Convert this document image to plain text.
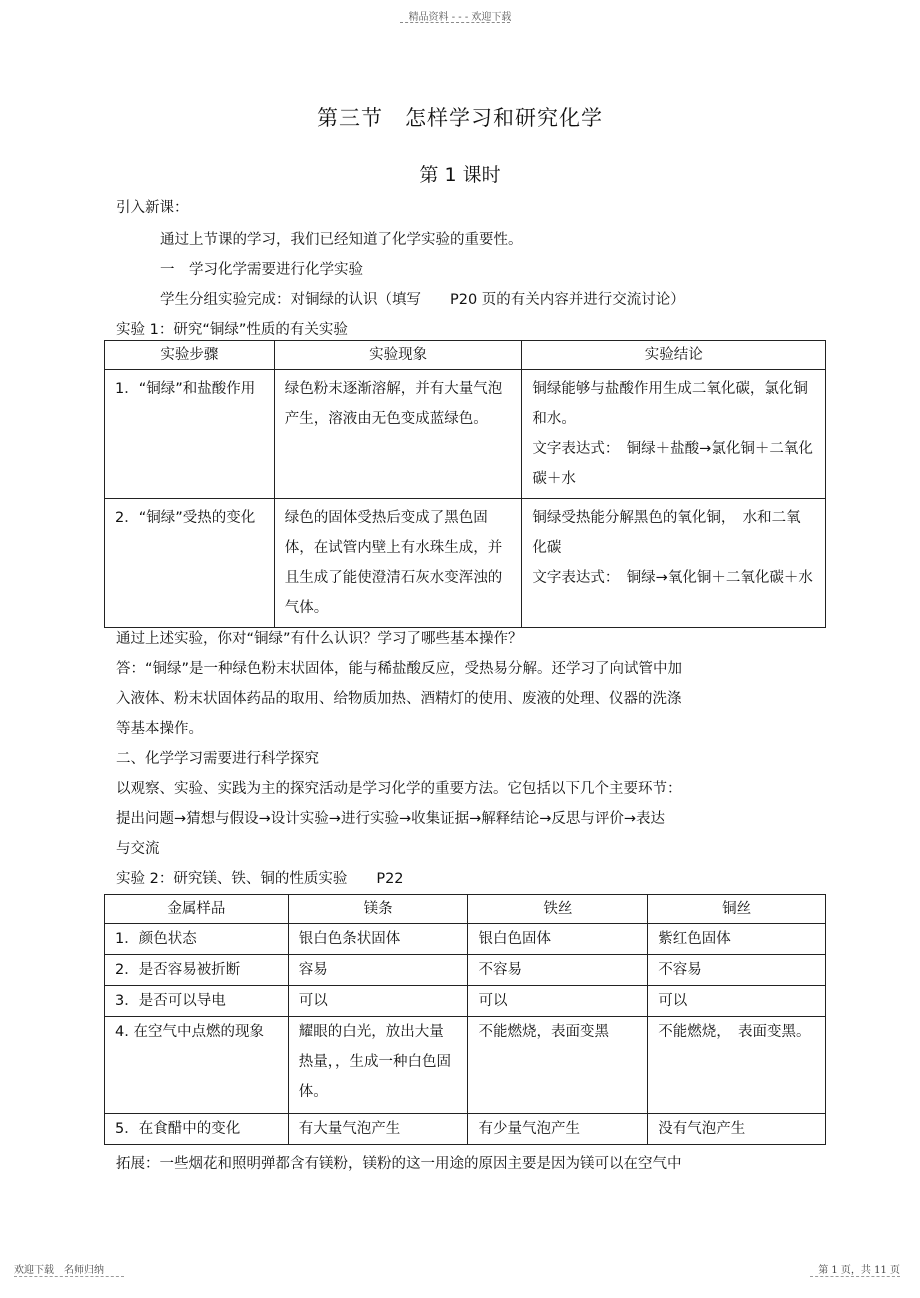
精品资料 - - - 欢迎下载
第三节　怎样学习和研究化学
第 1 课时
引入新课：
通过上节课的学习，我们已经知道了化学实验的重要性。
一　学习化学需要进行化学实验
学生分组实验完成：对铜绿的认识（填写　　P20 页的有关内容并进行交流讨论）
实验 1：研究“铜绿”性质的有关实验
实验步骤	实验现象	实验结论
1．“铜绿”和盐酸作用	绿色粉末逐渐溶解，并有大量气泡产生，溶液由无色变成蓝绿色。	铜绿能够与盐酸作用生成二氧化碳，氯化铜和水。
文字表达式：　铜绿＋盐酸→氯化铜＋二氧化碳＋水

2．“铜绿”受热的变化	绿色的固体受热后变成了黑色固体，在试管内壁上有水珠生成，并且生成了能使澄清石灰水变浑浊的气体。	铜绿受热能分解黑色的氧化铜，　水和二氧化碳
文字表达式：　铜绿→氧化铜＋二氧化碳＋水
通过上述实验，你对“铜绿”有什么认识？学习了哪些基本操作？
答：“铜绿”是一种绿色粉末状固体，能与稀盐酸反应，受热易分解。还学习了向试管中加
入液体、粉末状固体药品的取用、给物质加热、酒精灯的使用、废液的处理、仪器的洗涤
等基本操作。
二、化学学习需要进行科学探究
以观察、实验、实践为主的探究活动是学习化学的重要方法。它包括以下几个主要环节：
提出问题→猜想与假设→设计实验→进行实验→收集证据→解释结论→反思与评价→表达
与交流
实验 2：研究镁、铁、铜的性质实验　　P22
金属样品	镁条	铁丝	铜丝
1．颜色状态	银白色条状固体	银白色固体	紫红色固体
2．是否容易被折断	容易	不容易	不容易
3．是否可以导电	可以	可以	可以
4. 在空气中点燃的现象	耀眼的白光，放出大量热量，，生成一种白色固体。	不能燃烧，表面变黑	不能燃烧，　表面变黑。
5．在食醋中的变化	有大量气泡产生	有少量气泡产生	没有气泡产生
拓展：一些烟花和照明弹都含有镁粉，镁粉的这一用途的原因主要是因为镁可以在空气中
欢迎下载　名师归纳	第 1 页，共 11 页
